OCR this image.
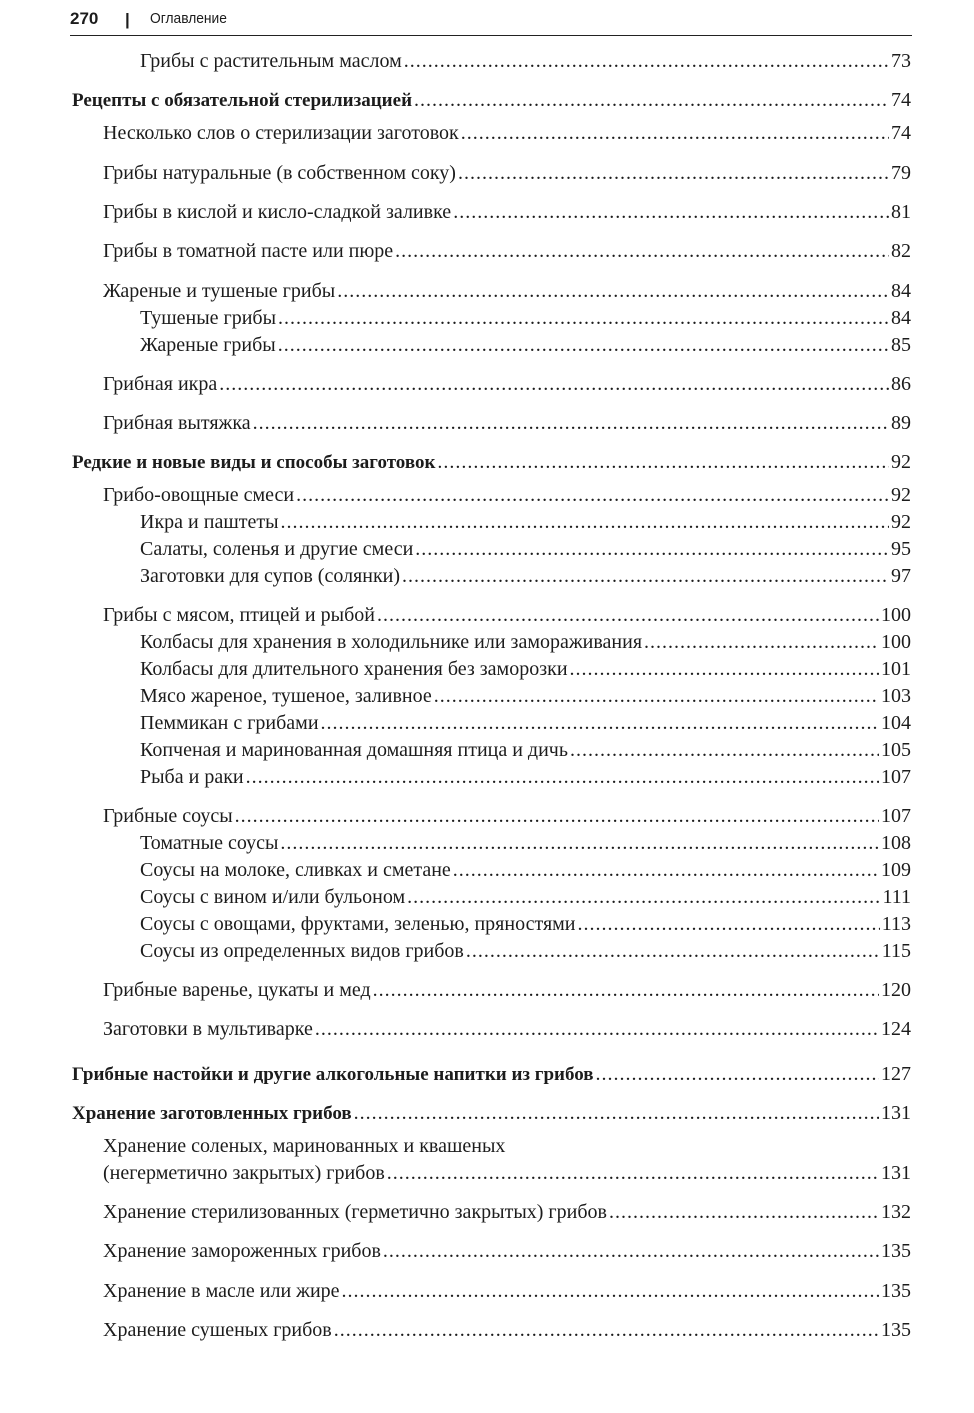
270 | Оглавление
Грибы с растительным маслом .....	73
Рецепты с обязательной стерилизацией .....	74
Несколько слов о стерилизации заготовок .....	74
Грибы натуральные (в собственном соку) .....	79
Грибы в кислой и кисло-сладкой заливке .....	81
Грибы в томатной пасте или пюре .....	82
Жареные и тушеные грибы .....	84
Тушеные грибы .....	84
Жареные грибы .....	85
Грибная икра .....	86
Грибная вытяжка .....	89
Редкие и новые виды и способы заготовок .....	92
Грибо-овощные смеси .....	92
Икра и паштеты .....	92
Салаты, соленья и другие смеси .....	95
Заготовки для супов (солянки) .....	97
Грибы с мясом, птицей и рыбой .....	100
Колбасы для хранения в холодильнике или замораживания .....	100
Колбасы для длительного хранения без заморозки .....	101
Мясо жареное, тушеное, заливное .....	103
Пеммикан с грибами .....	104
Копченая и маринованная домашняя птица и дичь .....	105
Рыба и раки .....	107
Грибные соусы .....	107
Томатные соусы .....	108
Соусы на молоке, сливках и сметане .....	109
Соусы с вином и/или бульоном .....	111
Соусы с овощами, фруктами, зеленью, пряностями .....	113
Соусы из определенных видов грибов .....	115
Грибные варенье, цукаты и мед .....	120
Заготовки в мультиварке .....	124
Грибные настойки и другие алкогольные напитки из грибов .....	127
Хранение заготовленных грибов .....	131
Хранение соленых, маринованных и квашеных
(негерметично закрытых) грибов .....	131
Хранение стерилизованных (герметично закрытых) грибов .....	132
Хранение замороженных грибов .....	135
Хранение в масле или жире .....	135
Хранение сушеных грибов .....	135
